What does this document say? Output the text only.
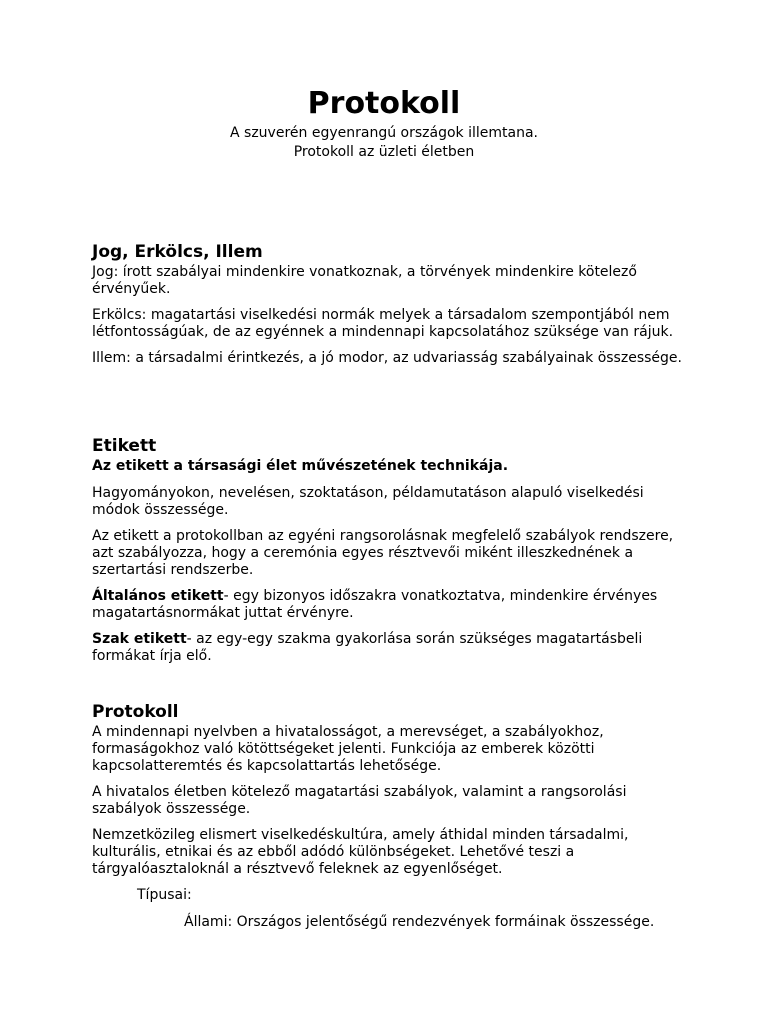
Protokoll

A szuverén egyenrangú országok illemtana.

Protokoll az üzleti életben

Jog, Erkölcs, Illem

Jog: írott szabályai mindenkire vonatkoznak, a törvények mindenkire kötelező érvényűek.

Erkölcs: magatartási viselkedési normák melyek a társadalom szempontjából nem létfontosságúak, de az egyénnek a mindennapi kapcsolatához szüksége van rájuk.

Illem: a társadalmi érintkezés, a jó modor, az udvariasság szabályainak összessége.

Etikett

Az etikett a társasági élet művészetének technikája.

Hagyományokon, nevelésen, szoktatáson, példamutatáson alapuló viselkedési módok összessége.

Az etikett a protokollban az egyéni rangsorolásnak megfelelő szabályok rendszere, azt szabályozza, hogy a ceremónia egyes résztvevői miként illeszkednének a szertartási rendszerbe.

Általános etikett- egy bizonyos időszakra vonatkoztatva, mindenkire érvényes magatartásnormákat juttat érvényre.

Szak etikett- az egy-egy szakma gyakorlása során szükséges magatartásbeli formákat írja elő.

Protokoll

A mindennapi nyelvben a hivatalosságot, a merevséget, a szabályokhoz, formaságokhoz való kötöttségeket jelenti. Funkciója az emberek közötti kapcsolatteremtés és kapcsolattartás lehetősége.

A hivatalos életben kötelező magatartási szabályok, valamint a rangsorolási szabályok összessége.

Nemzetközileg elismert viselkedéskultúra, amely áthidal minden társadalmi, kulturális, etnikai és az ebből adódó különbségeket. Lehetővé teszi a tárgyalóasztaloknál a résztvevő feleknek az egyenlőséget.

Típusai:

Állami: Országos jelentőségű rendezvények formáinak összessége.
